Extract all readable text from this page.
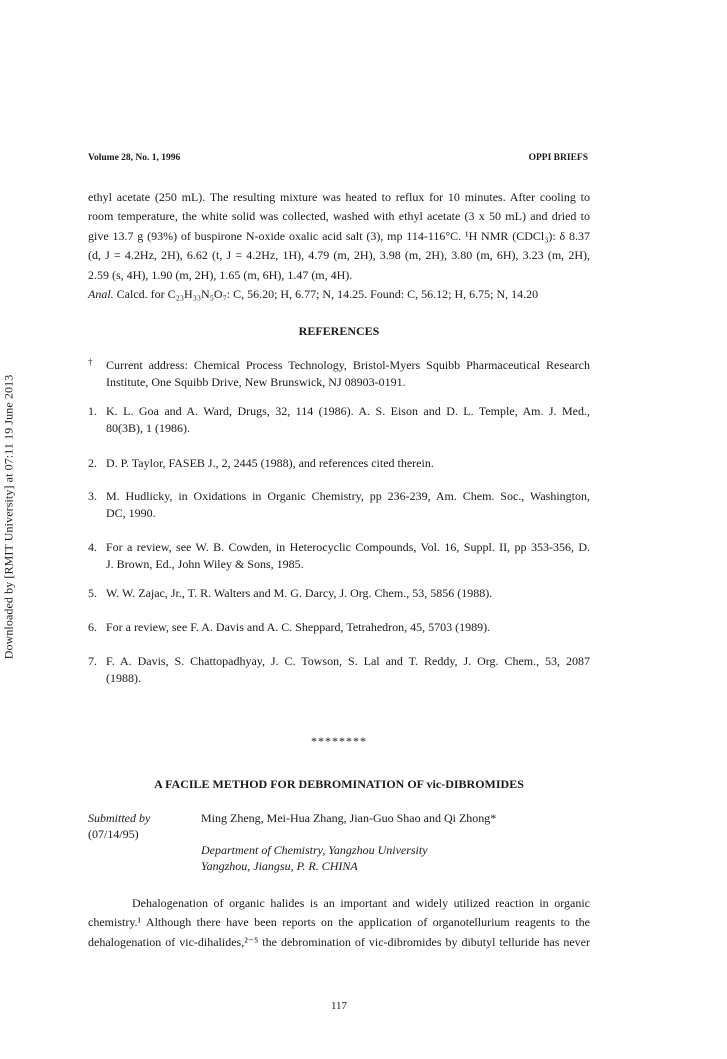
Downloaded by [RMIT University] at 07:11 19 June 2013
Volume 28, No. 1, 1996	OPPI BRIEFS
ethyl acetate (250 mL). The resulting mixture was heated to reflux for 10 minutes. After cooling to
room temperature, the white solid was collected, washed with ethyl acetate (3 x 50 mL) and dried to
give 13.7 g (93%) of buspirone N-oxide oxalic acid salt (3), mp 114-116°C. ¹H NMR (CDCl₃): δ 8.37
(d, J = 4.2Hz, 2H), 6.62 (t, J = 4.2Hz, 1H), 4.79 (m, 2H), 3.98 (m, 2H), 3.80 (m, 6H), 3.23 (m, 2H),
2.59 (s, 4H), 1.90 (m, 2H), 1.65 (m, 6H), 1.47 (m, 4H).
Anal. Calcd. for C₂₃H₃₃N₅O₇: C, 56.20; H, 6.77; N, 14.25. Found: C, 56.12; H, 6.75; N, 14.20
REFERENCES
† Current address: Chemical Process Technology, Bristol-Myers Squibb Pharmaceutical Research
Institute, One Squibb Drive, New Brunswick, NJ 08903-0191.
1. K. L. Goa and A. Ward, Drugs, 32, 114 (1986). A. S. Eison and D. L. Temple, Am. J. Med.,
80(3B), 1 (1986).
2. D. P. Taylor, FASEB J., 2, 2445 (1988), and references cited therein.
3. M. Hudlicky, in Oxidations in Organic Chemistry, pp 236-239, Am. Chem. Soc., Washington,
DC, 1990.
4. For a review, see W. B. Cowden, in Heterocyclic Compounds, Vol. 16, Suppl. II, pp 353-356, D.
J. Brown, Ed., John Wiley & Sons, 1985.
5. W. W. Zajac, Jr., T. R. Walters and M. G. Darcy, J. Org. Chem., 53, 5856 (1988).
6. For a review, see F. A. Davis and A. C. Sheppard, Tetrahedron, 45, 5703 (1989).
7. F. A. Davis, S. Chattopadhyay, J. C. Towson, S. Lal and T. Reddy, J. Org. Chem., 53, 2087
(1988).
********
A FACILE METHOD FOR DEBROMINATION OF vic-DIBROMIDES
Submitted by
(07/14/95)
Ming Zheng, Mei-Hua Zhang, Jian-Guo Shao and Qi Zhong*
Department of Chemistry, Yangzhou University
Yangzhou, Jiangsu, P. R. CHINA
Dehalogenation of organic halides is an important and widely utilized reaction in organic
chemistry.¹ Although there have been reports on the application of organotellurium reagents to the
dehalogenation of vic-dihalides,²⁻⁵ the debromination of vic-dibromides by dibutyl telluride has never
117
